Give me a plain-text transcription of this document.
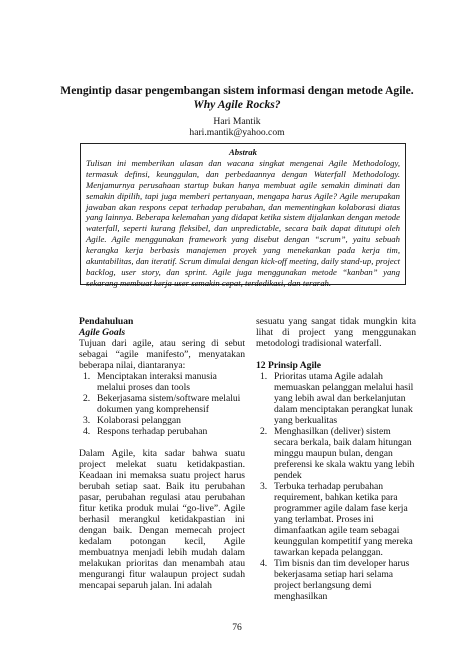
Mengintip dasar pengembangan sistem informasi dengan metode Agile.
Why Agile Rocks?
Hari Mantik
hari.mantik@yahoo.com
Abstrak

Tulisan ini memberikan ulasan dan wacana singkat mengenai Agile Methodology, termasuk definsi, keunggulan, dan perbedaannya dengan Waterfall Methodology. Menjamurnya perusahaan startup bukan hanya membuat agile semakin diminati dan semakin dipilih, tapi juga memberi pertanyaan, mengapa harus Agile? Agile merupakan jawaban akan respons cepat terhadap perubahan, dan mementingkan kolaborasi diatas yang lainnya. Beberapa kelemahan yang didapat ketika sistem dijalankan dengan metode waterfall, seperti kurang fleksibel, dan unpredictable, secara baik dapat ditutupi oleh Agile. Agile menggunakan framework yang disebut dengan “scrum”, yaitu sebuah kerangka kerja berbasis manajemen proyek yang menekankan pada kerja tim, akuntabilitas, dan iteratif. Scrum dimulai dengan kick-off meeting, daily stand-up, project backlog, user story, dan sprint. Agile juga menggunakan metode “kanban” yang sekarang membuat kerja user semakin cepat, terdedikasi, dan terarah.

Pendahuluan
Agile Goals

Tujuan dari agile, atau sering di sebut sebagai “agile manifesto”, menyatakan beberapa nilai, diantaranya:

1. Menciptakan interaksi manusia melalui proses dan tools
2. Bekerjasama sistem/software melalui dokumen yang komprehensif
3. Kolaborasi pelanggan
4. Respons terhadap perubahan

Dalam Agile, kita sadar bahwa suatu project melekat suatu ketidakpastian. Keadaan ini memaksa suatu project harus berubah setiap saat. Baik itu perubahan pasar, perubahan regulasi atau perubahan fitur ketika produk mulai “go-live”. Agile berhasil merangkul ketidakpastian ini dengan baik. Dengan memecah project kedalam potongan kecil, Agile membuatnya menjadi lebih mudah dalam melakukan prioritas dan menambah atau mengurangi fitur walaupun project sudah mencapai separuh jalan. Ini adalah

sesuatu yang sangat tidak mungkin kita lihat di project yang menggunakan metodologi tradisional waterfall.

12 Prinsip Agile
1. Prioritas utama Agile adalah memuaskan pelanggan melalui hasil yang lebih awal dan berkelanjutan dalam menciptakan perangkat lunak yang berkualitas
2. Menghasilkan (deliver) sistem secara berkala, baik dalam hitungan minggu maupun bulan, dengan preferensi ke skala waktu yang lebih pendek
3. Terbuka terhadap perubahan requirement, bahkan ketika para programmer agile dalam fase kerja yang terlambat. Proses ini dimanfaatkan agile team sebagai keunggulan kompetitif yang mereka tawarkan kepada pelanggan.
4. Tim bisnis dan tim developer harus bekerjasama setiap hari selama project berlangsung demi menghasilkan
76
